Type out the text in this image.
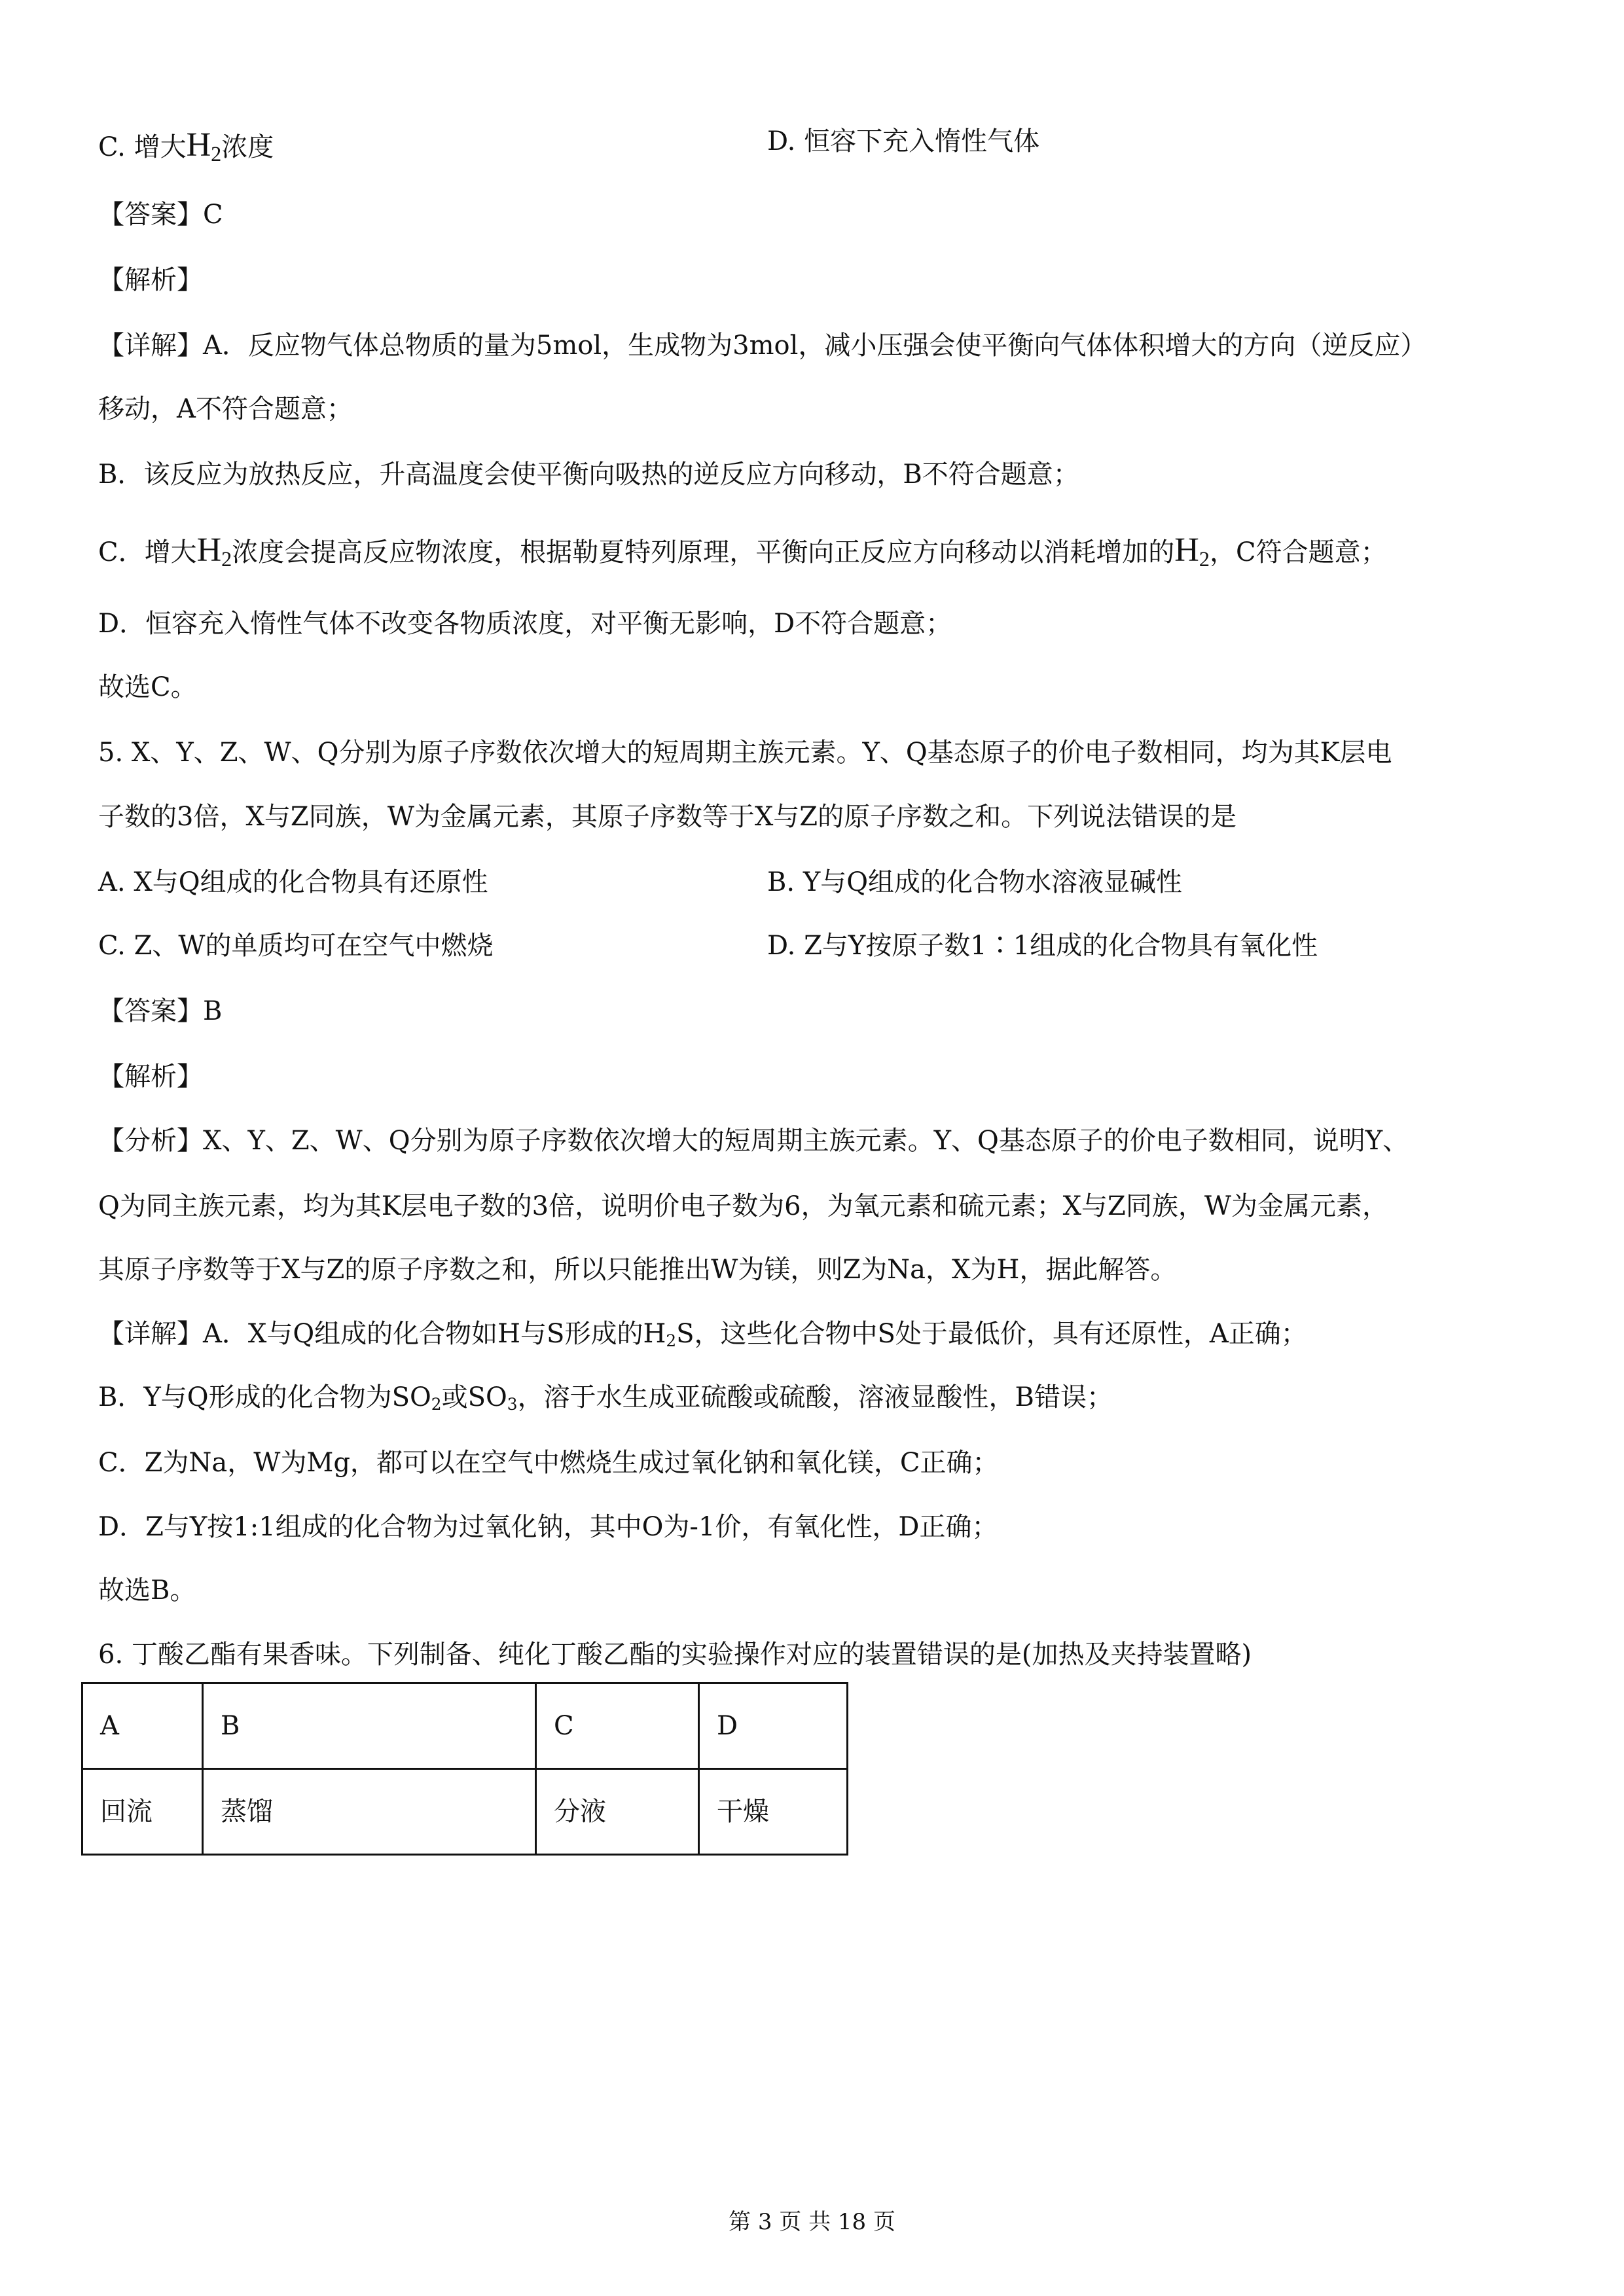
C. 增大$H_2$浓度	D. 恒容下充入惰性气体
【答案】C
【解析】
【详解】A．反应物气体总物质的量为5mol，生成物为3mol，减小压强会使平衡向气体体积增大的方向（逆反应）
移动，A不符合题意；
B．该反应为放热反应，升高温度会使平衡向吸热的逆反应方向移动，B不符合题意；
C．增大$H_2$浓度会提高反应物浓度，根据勒夏特列原理，平衡向正反应方向移动以消耗增加的$H_2$，C符合题意；
D．恒容充入惰性气体不改变各物质浓度，对平衡无影响，D不符合题意；
故选C。
5. X、Y、Z、W、Q分别为原子序数依次增大的短周期主族元素。Y、Q基态原子的价电子数相同，均为其K层电
子数的3倍，X与Z同族，W为金属元素，其原子序数等于X与Z的原子序数之和。下列说法错误的是
A. X与Q组成的化合物具有还原性	B. Y与Q组成的化合物水溶液显碱性
C. Z、W的单质均可在空气中燃烧	D. Z与Y按原子数1∶1组成的化合物具有氧化性
【答案】B
【解析】
【分析】X、Y、Z、W、Q分别为原子序数依次增大的短周期主族元素。Y、Q基态原子的价电子数相同，说明Y、
Q为同主族元素，均为其K层电子数的3倍，说明价电子数为6，为氧元素和硫元素；X与Z同族，W为金属元素，
其原子序数等于X与Z的原子序数之和，所以只能推出W为镁，则Z为Na，X为H，据此解答。
【详解】A．X与Q组成的化合物如H与S形成的$H_2S$，这些化合物中S处于最低价，具有还原性，A正确；
B．Y与Q形成的化合物为$SO_2$或$SO_3$，溶于水生成亚硫酸或硫酸，溶液显酸性，B错误；
C．Z为Na，W为Mg，都可以在空气中燃烧生成过氧化钠和氧化镁，C正确；
D．Z与Y按1:1组成的化合物为过氧化钠，其中O为-1价，有氧化性，D正确；
故选B。
6. 丁酸乙酯有果香味。下列制备、纯化丁酸乙酯的实验操作对应的装置错误的是(加热及夹持装置略)
A	B	C	D
回流	蒸馏	分液	干燥
第 3 页 共 18 页
